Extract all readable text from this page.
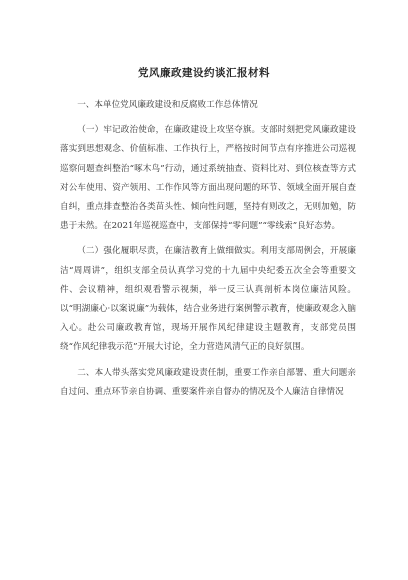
党风廉政建设约谈汇报材料

一、本单位党风廉政建设和反腐败工作总体情况

（一）牢记政治使命，在廉政建设上攻坚夺旗。支部时刻把党风廉政建设落实到思想观念、价值标准、工作执行上，严格按时间节点有序推进公司巡视巡察问题查纠整治“啄木鸟”行动，通过系统抽查、资料比对、到位核查等方式对公车使用、资产领用、工作作风等方面出现问题的环节、领域全面开展自查自纠，重点排查整治各类苗头性、倾向性问题，坚持有则改之，无则加勉，防患于未然。在2021年巡视巡查中，支部保持“零问题”“零线索”良好态势。

（二）强化履职尽责，在廉洁教育上做细做实。利用支部周例会，开展廉洁“周周讲”，组织支部全员认真学习党的十九届中央纪委五次全会等重要文件、会议精神，组织观看警示视频，举一反三认真剖析本岗位廉洁风险。以“明湖廉心·以案说廉”为载体，结合业务进行案例警示教育，使廉政观念入脑入心。赴公司廉政教育馆，现场开展作风纪律建设主题教育，支部党员围绕“作风纪律我示范”开展大讨论，全力营造风清气正的良好氛围。

二、本人带头落实党风廉政建设责任制，重要工作亲自部署、重大问题亲自过问、重点环节亲自协调、重要案件亲自督办的情况及个人廉洁自律情况
